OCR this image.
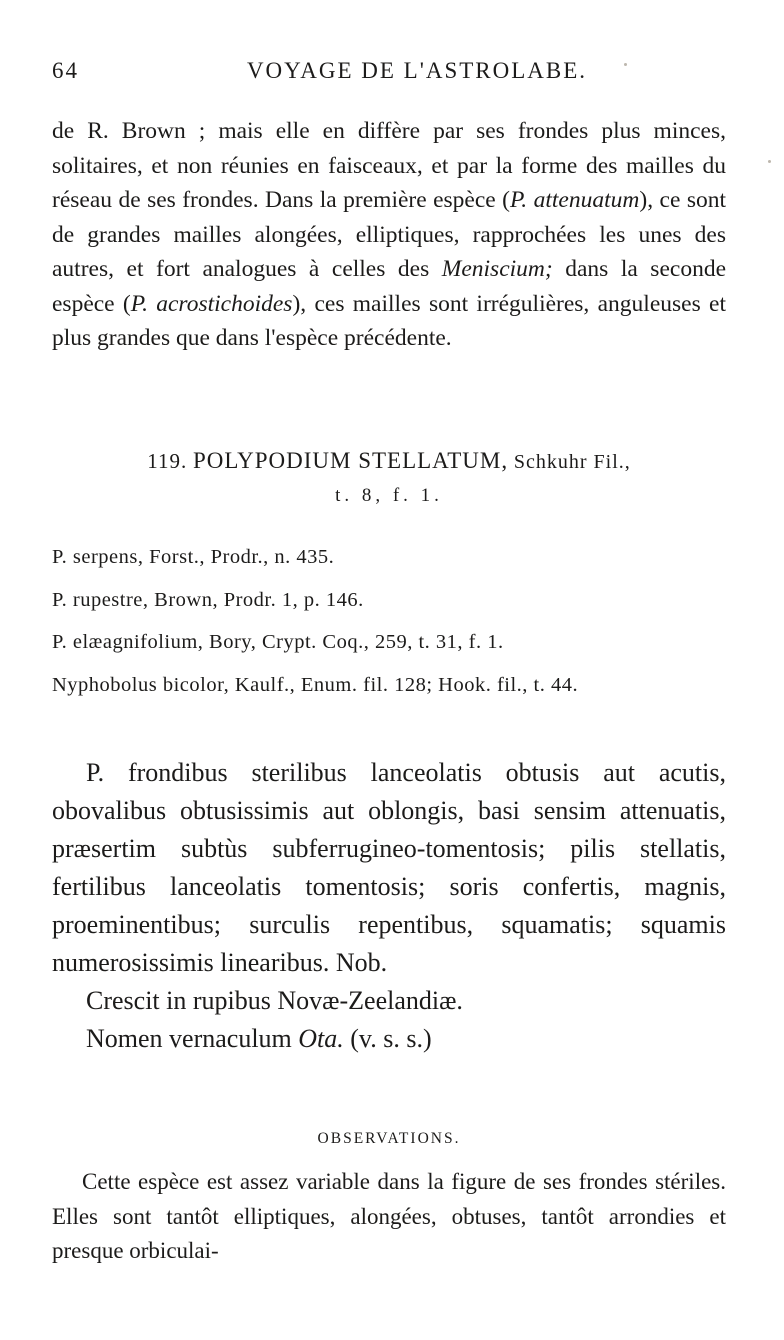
64	VOYAGE DE L'ASTROLABE.

de R. Brown ; mais elle en diffère par ses frondes plus minces, solitaires, et non réunies en faisceaux, et par la forme des mailles du réseau de ses frondes. Dans la première espèce (P. attenuatum), ce sont de grandes mailles alongées, elliptiques, rapprochées les unes des autres, et fort analogues à celles des Meniscium; dans la seconde espèce (P. acrostichoides), ces mailles sont irrégulières, anguleuses et plus grandes que dans l'espèce précédente.

119. POLYPODIUM STELLATUM, Schkuhr Fil.,
t. 8, f. 1.
P. serpens, Forst., Prodr., n. 435.
P. rupestre, Brown, Prodr. 1, p. 146.
P. elæagnifolium, Bory, Crypt. Coq., 259, t. 31, f. 1.
Nyphobolus bicolor, Kaulf., Enum. fil. 128; Hook. fil., t. 44.

P. frondibus sterilibus lanceolatis obtusis aut acutis, obovalibus obtusissimis aut oblongis, basi sensim attenuatis, præsertim subtùs subferrugineo-tomentosis; pilis stellatis, fertilibus lanceolatis tomentosis; soris confertis, magnis, proeminentibus; surculis repentibus, squamatis; squamis numerosissimis linearibus. Nob.

Crescit in rupibus Novæ-Zeelandiæ.

Nomen vernaculum Ota. (v. s. s.)

OBSERVATIONS.

Cette espèce est assez variable dans la figure de ses frondes stériles. Elles sont tantôt elliptiques, alongées, obtuses, tantôt arrondies et presque orbiculai-
